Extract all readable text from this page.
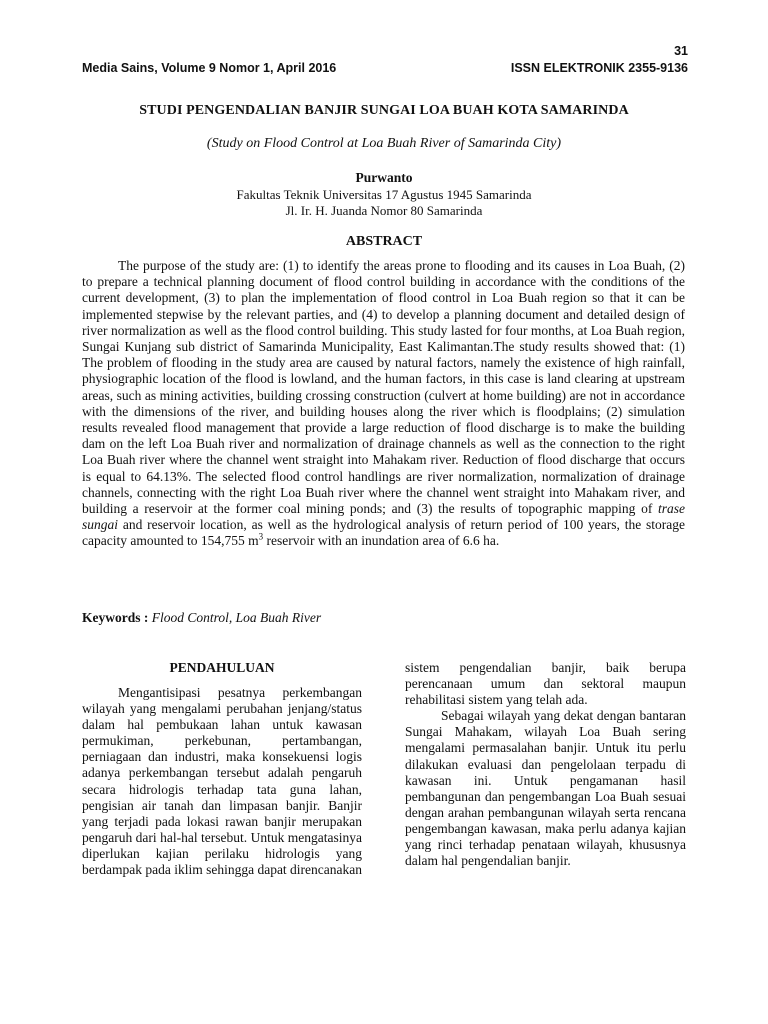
31
Media Sains, Volume 9 Nomor 1, April 2016	ISSN ELEKTRONIK 2355-9136
STUDI PENGENDALIAN BANJIR SUNGAI LOA BUAH KOTA SAMARINDA
(Study on Flood Control at Loa Buah River of Samarinda City)
Purwanto
Fakultas Teknik Universitas 17 Agustus 1945 Samarinda
Jl. Ir. H. Juanda Nomor 80 Samarinda
ABSTRACT

The purpose of the study are: (1) to identify the areas prone to flooding and its causes in Loa Buah, (2) to prepare a technical planning document of flood control building in accordance with the conditions of the current development, (3) to plan the implementation of flood control in Loa Buah region so that it can be implemented stepwise by the relevant parties, and (4) to develop a planning document and detailed design of river normalization as well as the flood control building. This study lasted for four months, at Loa Buah region, Sungai Kunjang sub district of Samarinda Municipality, East Kalimantan.The study results showed that: (1) The problem of flooding in the study area are caused by natural factors, namely the existence of high rainfall, physiographic location of the flood is lowland, and the human factors, in this case is land clearing at upstream areas, such as mining activities, building crossing construction (culvert at home building) are not in accordance with the dimensions of the river, and building houses along the river which is floodplains; (2) simulation results revealed flood management that provide a large reduction of flood discharge is to make the building dam on the left Loa Buah river and normalization of drainage channels as well as the connection to the right Loa Buah river where the channel went straight into Mahakam river. Reduction of flood discharge that occurs is equal to 64.13%. The selected flood control handlings are river normalization, normalization of drainage channels, connecting with the right Loa Buah river where the channel went straight into Mahakam river, and building a reservoir at the former coal mining ponds; and (3) the results of topographic mapping of trase sungai and reservoir location, as well as the hydrological analysis of return period of 100 years, the storage capacity amounted to 154,755 $m^3$ reservoir with an inundation area of 6.6 ha.

Keywords : Flood Control, Loa Buah River
PENDAHULUAN

Mengantisipasi pesatnya perkembangan wilayah yang mengalami perubahan jenjang/status dalam hal pembukaan lahan untuk kawasan permukiman, perkebunan, pertambangan, perniagaan dan industri, maka konsekuensi logis adanya perkembangan tersebut adalah pengaruh secara hidrologis terhadap tata guna lahan, pengisian air tanah dan limpasan banjir. Banjir yang terjadi pada lokasi rawan banjir merupakan pengaruh dari hal-hal tersebut. Untuk mengatasinya diperlukan kajian perilaku hidrologis yang berdampak pada iklim sehingga dapat direncanakan

sistem pengendalian banjir, baik berupa perencanaan umum dan sektoral maupun rehabilitasi sistem yang telah ada.

Sebagai wilayah yang dekat dengan bantaran Sungai Mahakam, wilayah Loa Buah sering mengalami permasalahan banjir. Untuk itu perlu dilakukan evaluasi dan pengelolaan terpadu di kawasan ini. Untuk pengamanan hasil pembangunan dan pengembangan Loa Buah sesuai dengan arahan pembangunan wilayah serta rencana pengembangan kawasan, maka perlu adanya kajian yang rinci terhadap penataan wilayah, khususnya dalam hal pengendalian banjir.
